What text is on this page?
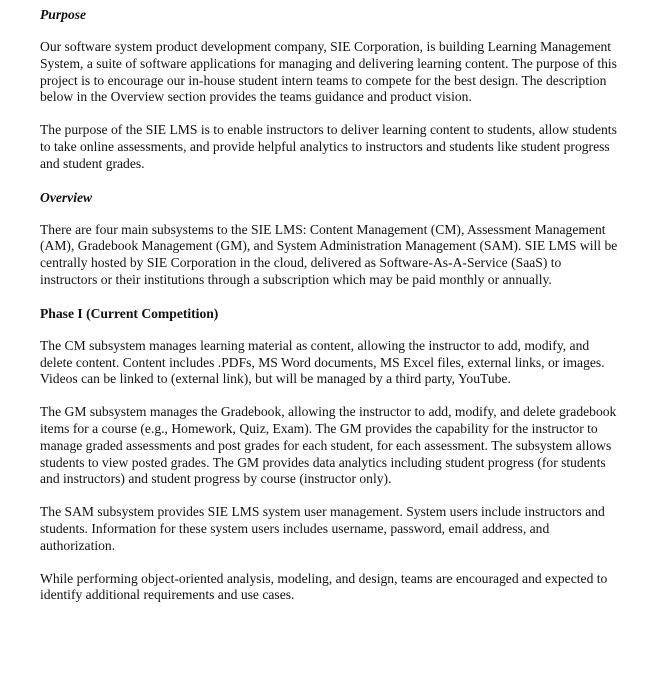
Purpose

Our software system product development company, SIE Corporation, is building Learning Management System, a suite of software applications for managing and delivering learning content. The purpose of this project is to encourage our in-house student intern teams to compete for the best design. The description below in the Overview section provides the teams guidance and product vision.

The purpose of the SIE LMS is to enable instructors to deliver learning content to students, allow students to take online assessments, and provide helpful analytics to instructors and students like student progress and student grades.

Overview

There are four main subsystems to the SIE LMS: Content Management (CM), Assessment Management (AM), Gradebook Management (GM), and System Administration Management (SAM). SIE LMS will be centrally hosted by SIE Corporation in the cloud, delivered as Software-As-A-Service (SaaS) to instructors or their institutions through a subscription which may be paid monthly or annually.

Phase I (Current Competition)

The CM subsystem manages learning material as content, allowing the instructor to add, modify, and delete content. Content includes .PDFs, MS Word documents, MS Excel files, external links, or images. Videos can be linked to (external link), but will be managed by a third party, YouTube.

The GM subsystem manages the Gradebook, allowing the instructor to add, modify, and delete gradebook items for a course (e.g., Homework, Quiz, Exam). The GM provides the capability for the instructor to manage graded assessments and post grades for each student, for each assessment. The subsystem allows students to view posted grades. The GM provides data analytics including student progress (for students and instructors) and student progress by course (instructor only).

The SAM subsystem provides SIE LMS system user management. System users include instructors and students. Information for these system users includes username, password, email address, and authorization.

While performing object-oriented analysis, modeling, and design, teams are encouraged and expected to identify additional requirements and use cases.
